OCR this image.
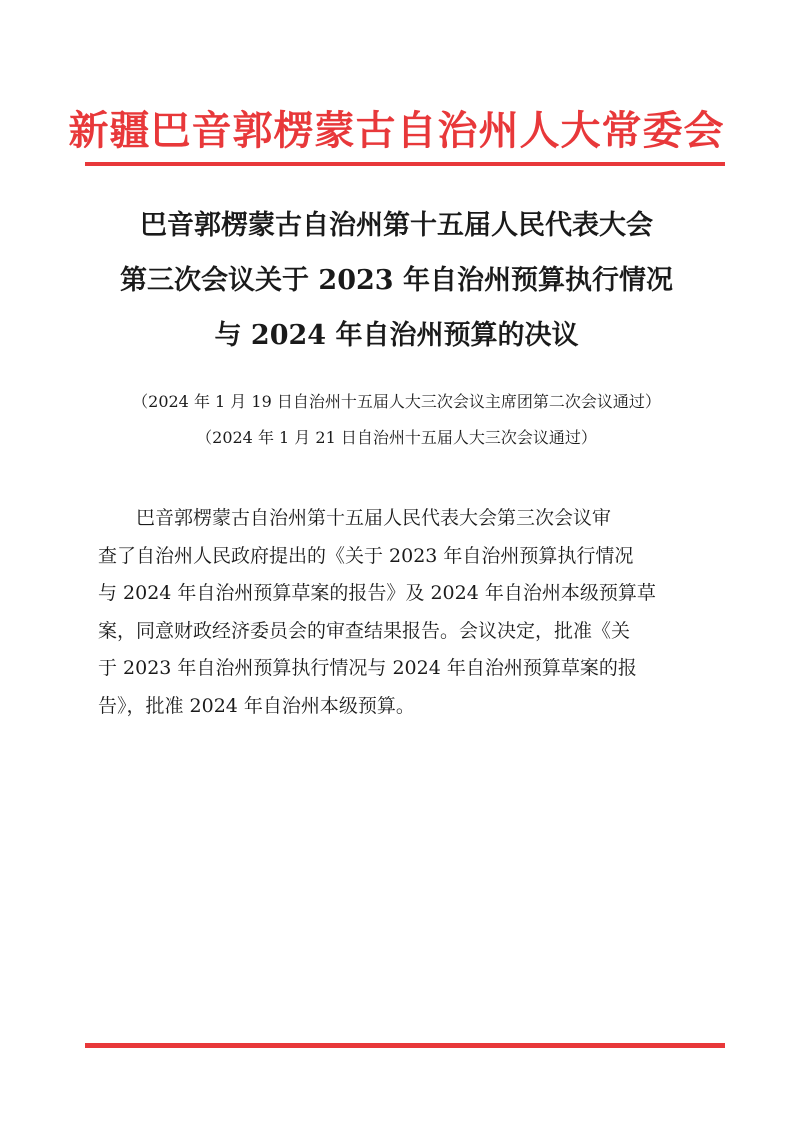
新疆巴音郭楞蒙古自治州人大常委会
巴音郭楞蒙古自治州第十五届人民代表大会
第三次会议关于 2023 年自治州预算执行情况
与 2024 年自治州预算的决议
（2024 年 1 月 19 日自治州十五届人大三次会议主席团第二次会议通过）
（2024 年 1 月 21 日自治州十五届人大三次会议通过）
巴音郭楞蒙古自治州第十五届人民代表大会第三次会议审
查了自治州人民政府提出的《关于 2023 年自治州预算执行情况
与 2024 年自治州预算草案的报告》及 2024 年自治州本级预算草
案，同意财政经济委员会的审查结果报告。会议决定，批准《关
于 2023 年自治州预算执行情况与 2024 年自治州预算草案的报
告》，批准 2024 年自治州本级预算。
